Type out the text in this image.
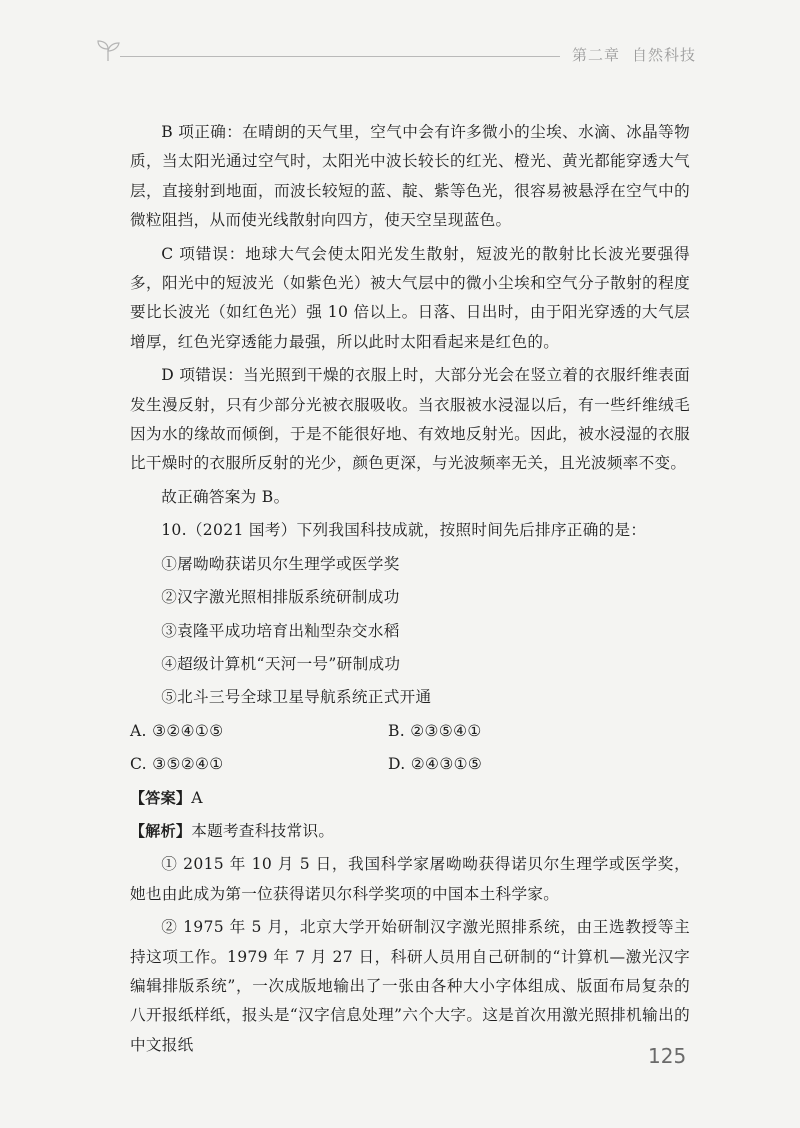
第二章 自然科技

B 项正确：在晴朗的天气里，空气中会有许多微小的尘埃、水滴、冰晶等物质，当太阳光通过空气时，太阳光中波长较长的红光、橙光、黄光都能穿透大气层，直接射到地面，而波长较短的蓝、靛、紫等色光，很容易被悬浮在空气中的微粒阻挡，从而使光线散射向四方，使天空呈现蓝色。

C 项错误：地球大气会使太阳光发生散射，短波光的散射比长波光要强得多，阳光中的短波光（如紫色光）被大气层中的微小尘埃和空气分子散射的程度要比长波光（如红色光）强 10 倍以上。日落、日出时，由于阳光穿透的大气层增厚，红色光穿透能力最强，所以此时太阳看起来是红色的。

D 项错误：当光照到干燥的衣服上时，大部分光会在竖立着的衣服纤维表面发生漫反射，只有少部分光被衣服吸收。当衣服被水浸湿以后，有一些纤维绒毛因为水的缘故而倾倒，于是不能很好地、有效地反射光。因此，被水浸湿的衣服比干燥时的衣服所反射的光少，颜色更深，与光波频率无关，且光波频率不变。

故正确答案为 B。

10.（2021 国考）下列我国科技成就，按照时间先后排序正确的是：

①屠呦呦获诺贝尔生理学或医学奖

②汉字激光照相排版系统研制成功

③袁隆平成功培育出籼型杂交水稻

④超级计算机“天河一号”研制成功

⑤北斗三号全球卫星导航系统正式开通

A. ③②④①⑤	B. ②③⑤④①

C. ③⑤②④①	D. ②④③①⑤

【答案】A

【解析】本题考查科技常识。

① 2015 年 10 月 5 日，我国科学家屠呦呦获得诺贝尔生理学或医学奖，她也由此成为第一位获得诺贝尔科学奖项的中国本土科学家。

② 1975 年 5 月，北京大学开始研制汉字激光照排系统，由王选教授等主持这项工作。1979 年 7 月 27 日，科研人员用自己研制的“计算机—激光汉字编辑排版系统”，一次成版地输出了一张由各种大小字体组成、版面布局复杂的八开报纸样纸，报头是“汉字信息处理”六个大字。这是首次用激光照排机输出的中文报纸	125
